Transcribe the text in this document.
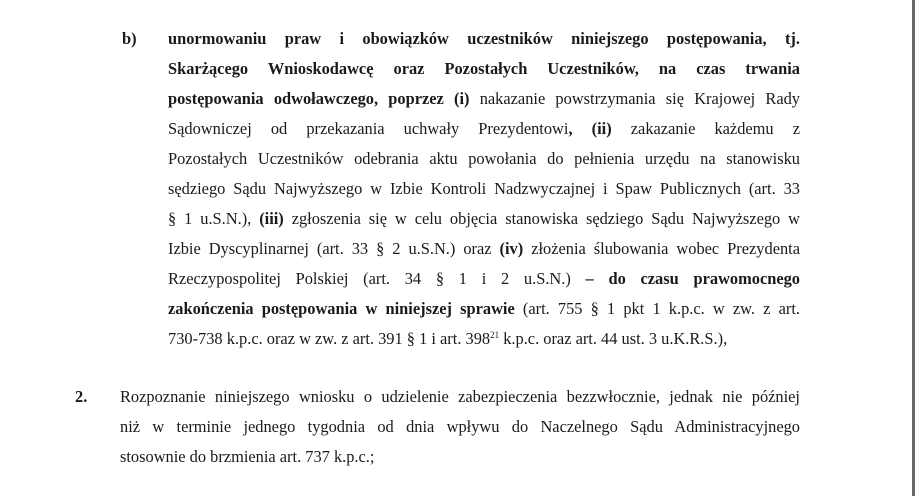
b) unormowaniu praw i obowiązków uczestników niniejszego postępowania, tj.
Skarżącego Wnioskodawcę oraz Pozostałych Uczestników, na czas trwania
postępowania odwoławczego, poprzez (i) nakazanie powstrzymania się Krajowej Rady
Sądowniczej od przekazania uchwały Prezydentowi, (ii) zakazanie każdemu z
Pozostałych Uczestników odebrania aktu powołania do pełnienia urzędu na stanowisku
sędziego Sądu Najwyższego w Izbie Kontroli Nadzwyczajnej i Spaw Publicznych (art. 33
§ 1 u.S.N.), (iii) zgłoszenia się w celu objęcia stanowiska sędziego Sądu Najwyższego w
Izbie Dyscyplinarnej (art. 33 § 2 u.S.N.) oraz (iv) złożenia ślubowania wobec Prezydenta
Rzeczypospolitej Polskiej (art. 34 § 1 i 2 u.S.N.) – do czasu prawomocnego
zakończenia postępowania w niniejszej sprawie (art. 755 § 1 pkt 1 k.p.c. w zw. z art.
730-738 k.p.c. oraz w zw. z art. 391 § 1 i art. $398^{21}$ k.p.c. oraz art. 44 ust. 3 u.K.R.S.),
2. Rozpoznanie niniejszego wniosku o udzielenie zabezpieczenia bezzwłocznie, jednak nie później
niż w terminie jednego tygodnia od dnia wpływu do Naczelnego Sądu Administracyjnego
stosownie do brzmienia art. 737 k.p.c.;
